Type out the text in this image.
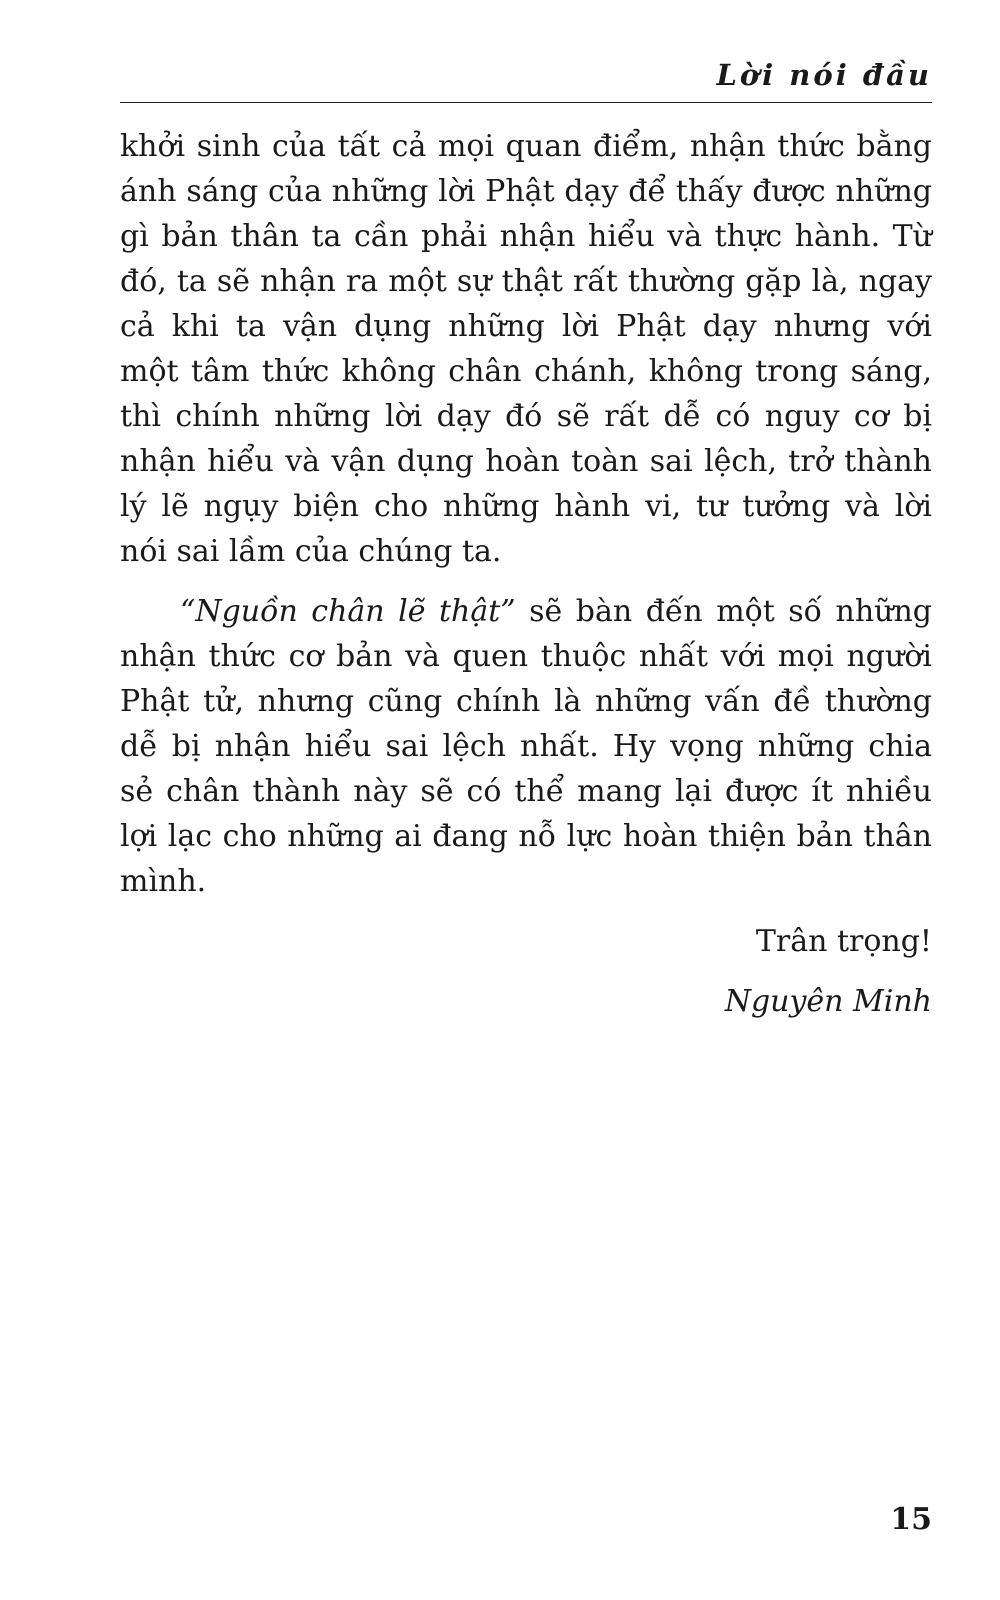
Lời nói đầu
khởi sinh của tất cả mọi quan điểm, nhận thức bằng
ánh sáng của những lời Phật dạy để thấy được những
gì bản thân ta cần phải nhận hiểu và thực hành. Từ
đó, ta sẽ nhận ra một sự thật rất thường gặp là, ngay
cả khi ta vận dụng những lời Phật dạy nhưng với
một tâm thức không chân chánh, không trong sáng,
thì chính những lời dạy đó sẽ rất dễ có nguy cơ bị
nhận hiểu và vận dụng hoàn toàn sai lệch, trở thành
lý lẽ ngụy biện cho những hành vi, tư tưởng và lời
nói sai lầm của chúng ta.
“Nguồn chân lẽ thật” sẽ bàn đến một số những
nhận thức cơ bản và quen thuộc nhất với mọi người
Phật tử, nhưng cũng chính là những vấn đề thường
dễ bị nhận hiểu sai lệch nhất. Hy vọng những chia
sẻ chân thành này sẽ có thể mang lại được ít nhiều
lợi lạc cho những ai đang nỗ lực hoàn thiện bản thân
mình.
Trân trọng!
Nguyên Minh
15
